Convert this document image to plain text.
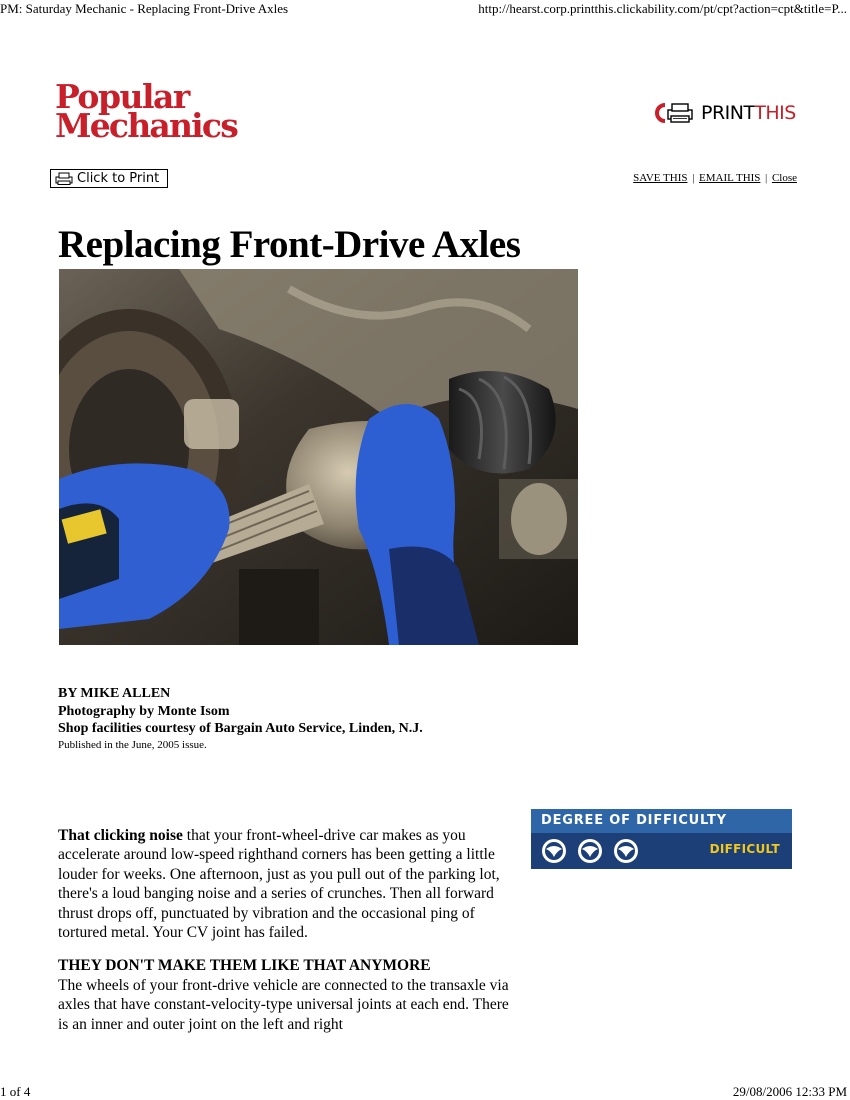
PM: Saturday Mechanic - Replacing Front-Drive Axles	http://hearst.corp.printthis.clickability.com/pt/cpt?action=cpt&title=P...
Popular
Mechanics	PRINTTHIS
Click to Print	SAVE THIS | EMAIL THIS | Close
Replacing Front-Drive Axles
BY MIKE ALLEN
Photography by Monte Isom
Shop facilities courtesy of Bargain Auto Service, Linden, N.J.
Published in the June, 2005 issue.
DEGREE OF DIFFICULTY
DIFFICULT

That clicking noise that your front-wheel-drive car makes as you accelerate around low-speed righthand corners has been getting a little louder for weeks. One afternoon, just as you pull out of the parking lot, there's a loud banging noise and a series of crunches. Then all forward thrust drops off, punctuated by vibration and the occasional ping of tortured metal. Your CV joint has failed.

THEY DON'T MAKE THEM LIKE THAT ANYMORE

The wheels of your front-drive vehicle are connected to the transaxle via axles that have constant-velocity-type universal joints at each end. There is an inner and outer joint on the left and right

1 of 4	29/08/2006 12:33 PM
